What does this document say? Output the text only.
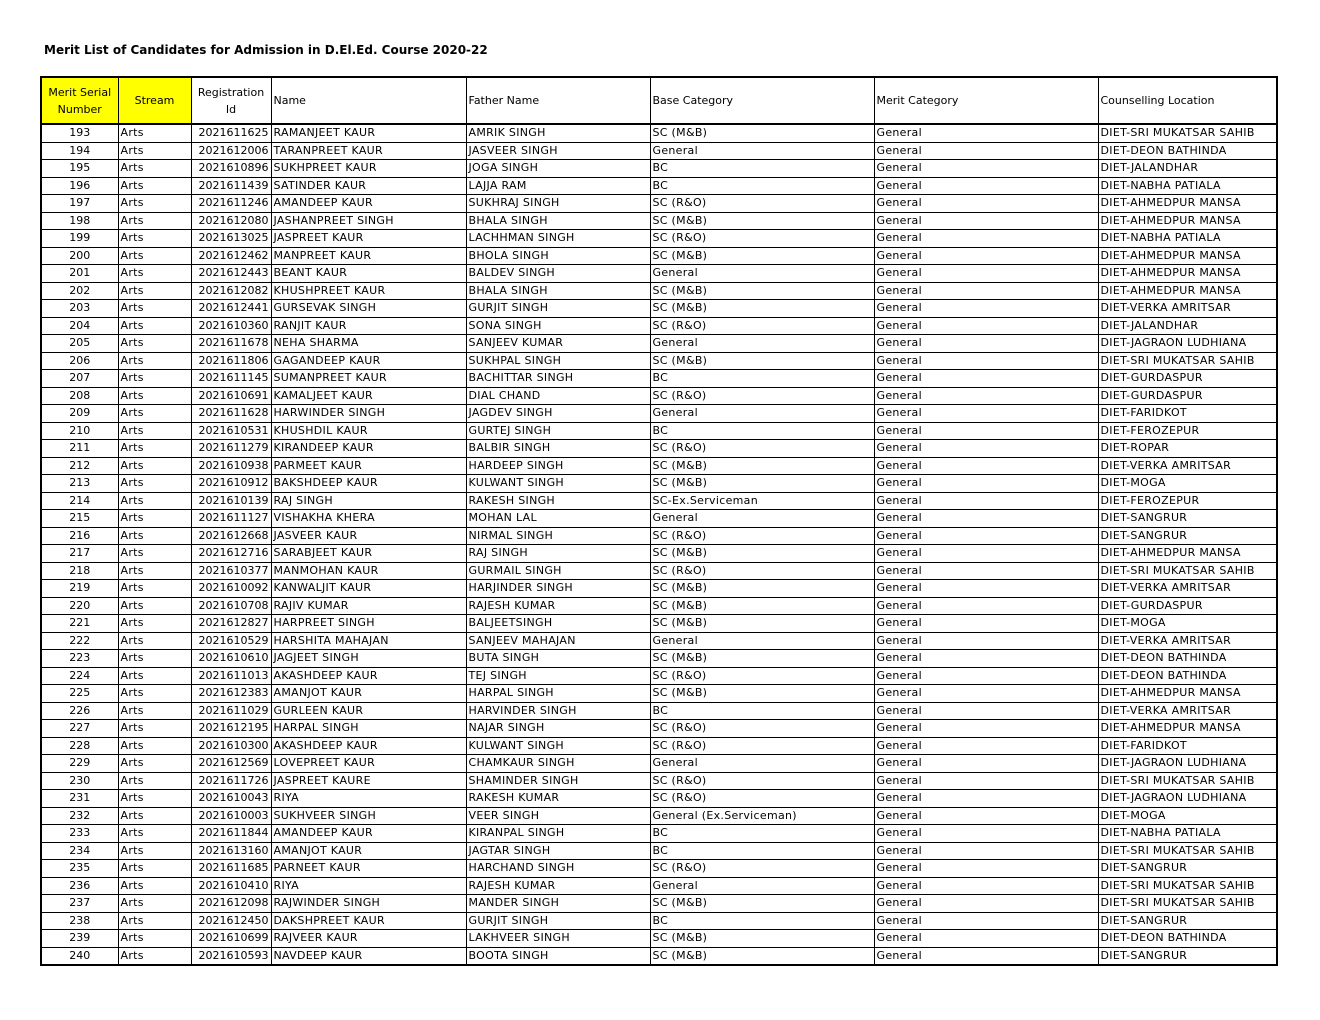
Merit List of Candidates for Admission in D.El.Ed. Course 2020-22
Merit Serial Number	Stream	Registration Id	Name	Father Name	Base Category	Merit Category	Counselling Location
193	Arts	2021611625	RAMANJEET KAUR	AMRIK SINGH	SC (M&B)	General	DIET-SRI MUKATSAR SAHIB
194	Arts	2021612006	TARANPREET KAUR	JASVEER SINGH	General	General	DIET-DEON BATHINDA
195	Arts	2021610896	SUKHPREET KAUR	JOGA SINGH	BC	General	DIET-JALANDHAR
196	Arts	2021611439	SATINDER KAUR	LAJJA RAM	BC	General	DIET-NABHA PATIALA
197	Arts	2021611246	AMANDEEP KAUR	SUKHRAJ SINGH	SC (R&O)	General	DIET-AHMEDPUR MANSA
198	Arts	2021612080	JASHANPREET SINGH	BHALA SINGH	SC (M&B)	General	DIET-AHMEDPUR MANSA
199	Arts	2021613025	JASPREET KAUR	LACHHMAN SINGH	SC (R&O)	General	DIET-NABHA PATIALA
200	Arts	2021612462	MANPREET KAUR	BHOLA SINGH	SC (M&B)	General	DIET-AHMEDPUR MANSA
201	Arts	2021612443	BEANT KAUR	BALDEV SINGH	General	General	DIET-AHMEDPUR MANSA
202	Arts	2021612082	KHUSHPREET KAUR	BHALA SINGH	SC (M&B)	General	DIET-AHMEDPUR MANSA
203	Arts	2021612441	GURSEVAK SINGH	GURJIT SINGH	SC (M&B)	General	DIET-VERKA AMRITSAR
204	Arts	2021610360	RANJIT KAUR	SONA SINGH	SC (R&O)	General	DIET-JALANDHAR
205	Arts	2021611678	NEHA SHARMA	SANJEEV KUMAR	General	General	DIET-JAGRAON LUDHIANA
206	Arts	2021611806	GAGANDEEP KAUR	SUKHPAL SINGH	SC (M&B)	General	DIET-SRI MUKATSAR SAHIB
207	Arts	2021611145	SUMANPREET KAUR	BACHITTAR SINGH	BC	General	DIET-GURDASPUR
208	Arts	2021610691	KAMALJEET KAUR	DIAL CHAND	SC (R&O)	General	DIET-GURDASPUR
209	Arts	2021611628	HARWINDER SINGH	JAGDEV SINGH	General	General	DIET-FARIDKOT
210	Arts	2021610531	KHUSHDIL KAUR	GURTEJ SINGH	BC	General	DIET-FEROZEPUR
211	Arts	2021611279	KIRANDEEP KAUR	BALBIR SINGH	SC (R&O)	General	DIET-ROPAR
212	Arts	2021610938	PARMEET KAUR	HARDEEP SINGH	SC (M&B)	General	DIET-VERKA AMRITSAR
213	Arts	2021610912	BAKSHDEEP KAUR	KULWANT SINGH	SC (M&B)	General	DIET-MOGA
214	Arts	2021610139	RAJ SINGH	RAKESH SINGH	SC-Ex.Serviceman	General	DIET-FEROZEPUR
215	Arts	2021611127	VISHAKHA KHERA	MOHAN LAL	General	General	DIET-SANGRUR
216	Arts	2021612668	JASVEER KAUR	NIRMAL SINGH	SC (R&O)	General	DIET-SANGRUR
217	Arts	2021612716	SARABJEET KAUR	RAJ SINGH	SC (M&B)	General	DIET-AHMEDPUR MANSA
218	Arts	2021610377	MANMOHAN KAUR	GURMAIL SINGH	SC (R&O)	General	DIET-SRI MUKATSAR SAHIB
219	Arts	2021610092	KANWALJIT KAUR	HARJINDER SINGH	SC (M&B)	General	DIET-VERKA AMRITSAR
220	Arts	2021610708	RAJIV KUMAR	RAJESH KUMAR	SC (M&B)	General	DIET-GURDASPUR
221	Arts	2021612827	HARPREET SINGH	BALJEETSINGH	SC (M&B)	General	DIET-MOGA
222	Arts	2021610529	HARSHITA MAHAJAN	SANJEEV MAHAJAN	General	General	DIET-VERKA AMRITSAR
223	Arts	2021610610	JAGJEET SINGH	BUTA SINGH	SC (M&B)	General	DIET-DEON BATHINDA
224	Arts	2021611013	AKASHDEEP KAUR	TEJ SINGH	SC (R&O)	General	DIET-DEON BATHINDA
225	Arts	2021612383	AMANJOT KAUR	HARPAL SINGH	SC (M&B)	General	DIET-AHMEDPUR MANSA
226	Arts	2021611029	GURLEEN KAUR	HARVINDER SINGH	BC	General	DIET-VERKA AMRITSAR
227	Arts	2021612195	HARPAL SINGH	NAJAR SINGH	SC (R&O)	General	DIET-AHMEDPUR MANSA
228	Arts	2021610300	AKASHDEEP KAUR	KULWANT SINGH	SC (R&O)	General	DIET-FARIDKOT
229	Arts	2021612569	LOVEPREET KAUR	CHAMKAUR SINGH	General	General	DIET-JAGRAON LUDHIANA
230	Arts	2021611726	JASPREET KAURE	SHAMINDER SINGH	SC (R&O)	General	DIET-SRI MUKATSAR SAHIB
231	Arts	2021610043	RIYA	RAKESH KUMAR	SC (R&O)	General	DIET-JAGRAON LUDHIANA
232	Arts	2021610003	SUKHVEER SINGH	VEER SINGH	General (Ex.Serviceman)	General	DIET-MOGA
233	Arts	2021611844	AMANDEEP KAUR	KIRANPAL SINGH	BC	General	DIET-NABHA PATIALA
234	Arts	2021613160	AMANJOT KAUR	JAGTAR SINGH	BC	General	DIET-SRI MUKATSAR SAHIB
235	Arts	2021611685	PARNEET KAUR	HARCHAND SINGH	SC (R&O)	General	DIET-SANGRUR
236	Arts	2021610410	RIYA	RAJESH KUMAR	General	General	DIET-SRI MUKATSAR SAHIB
237	Arts	2021612098	RAJWINDER SINGH	MANDER SINGH	SC (M&B)	General	DIET-SRI MUKATSAR SAHIB
238	Arts	2021612450	DAKSHPREET KAUR	GURJIT SINGH	BC	General	DIET-SANGRUR
239	Arts	2021610699	RAJVEER KAUR	LAKHVEER SINGH	SC (M&B)	General	DIET-DEON BATHINDA
240	Arts	2021610593	NAVDEEP KAUR	BOOTA SINGH	SC (M&B)	General	DIET-SANGRUR
